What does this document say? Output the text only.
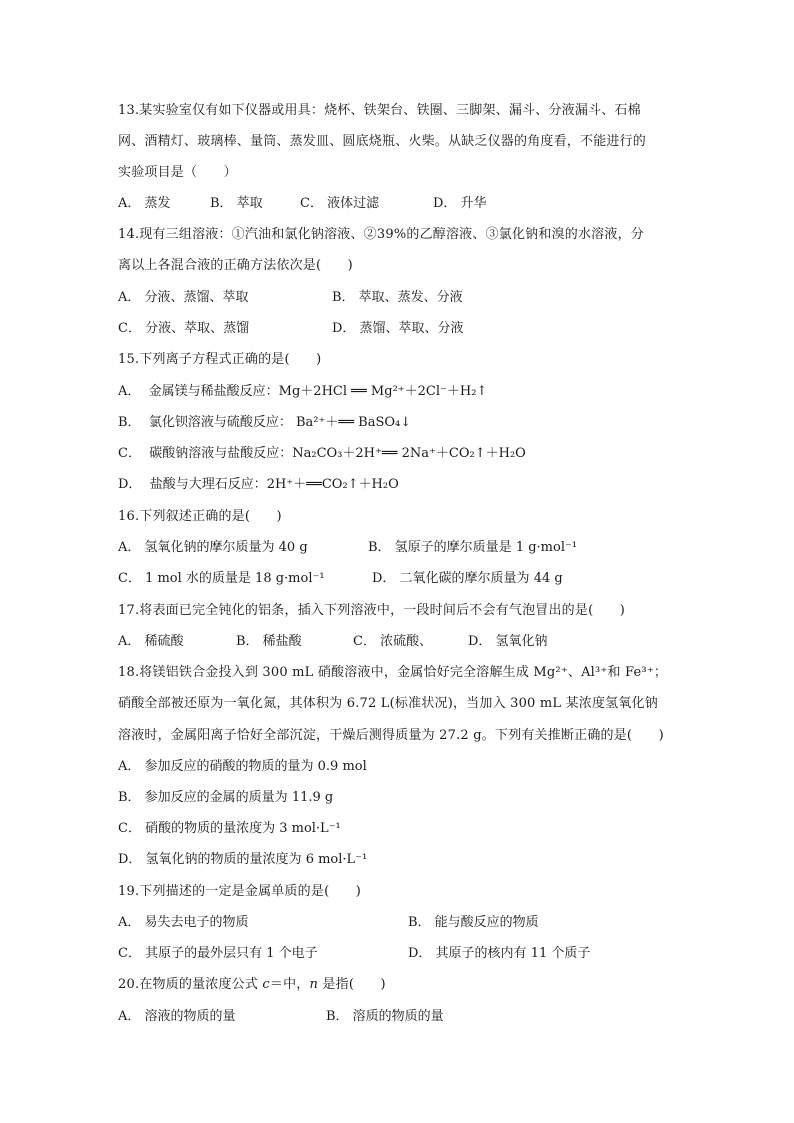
13.某实验室仅有如下仪器或用具：烧杯、铁架台、铁圈、三脚架、漏斗、分液漏斗、石棉
网、酒精灯、玻璃棒、量筒、蒸发皿、圆底烧瓶、火柴。从缺乏仪器的角度看，不能进行的
实验项目是（　　）
A． 蒸发	B． 萃取	C． 液体过滤	D． 升华
14.现有三组溶液：①汽油和氯化钠溶液、②39%的乙醇溶液、③氯化钠和溴的水溶液，分
离以上各混合液的正确方法依次是(　　)
A． 分液、蒸馏、萃取	B． 萃取、蒸发、分液
C． 分液、萃取、蒸馏	D． 蒸馏、萃取、分液
15.下列离子方程式正确的是(　　)
A． 金属镁与稀盐酸反应：Mg＋2HCl ══ Mg²⁺＋2Cl⁻＋H₂↑
B． 氯化钡溶液与硫酸反应： Ba²⁺＋══ BaSO₄↓
C． 碳酸钠溶液与盐酸反应：Na₂CO₃＋2H⁺══ 2Na⁺＋CO₂↑＋H₂O
D． 盐酸与大理石反应：2H⁺＋══CO₂↑＋H₂O
16.下列叙述正确的是(　　)
A． 氢氧化钠的摩尔质量为 40 g	B． 氢原子的摩尔质量是 1 g·mol⁻¹
C． 1 mol 水的质量是 18 g·mol⁻¹	D． 二氧化碳的摩尔质量为 44 g
17.将表面已完全钝化的铝条，插入下列溶液中，一段时间后不会有气泡冒出的是(　　)
A． 稀硫酸	B． 稀盐酸	C． 浓硫酸、	D． 氢氧化钠
18.将镁铝铁合金投入到 300 mL 硝酸溶液中，金属恰好完全溶解生成 Mg²⁺、Al³⁺和 Fe³⁺；
硝酸全部被还原为一氧化氮，其体积为 6.72 L(标准状况)，当加入 300 mL 某浓度氢氧化钠
溶液时，金属阳离子恰好全部沉淀，干燥后测得质量为 27.2 g。下列有关推断正确的是(　　)
A． 参加反应的硝酸的物质的量为 0.9 mol
B． 参加反应的金属的质量为 11.9 g
C． 硝酸的物质的量浓度为 3 mol·L⁻¹
D． 氢氧化钠的物质的量浓度为 6 mol·L⁻¹
19.下列描述的一定是金属单质的是(　　)
A． 易失去电子的物质	B． 能与酸反应的物质
C． 其原子的最外层只有 1 个电子	D． 其原子的核内有 11 个质子
20.在物质的量浓度公式 c＝中，n 是指(　　)
A． 溶液的物质的量	B． 溶质的物质的量
